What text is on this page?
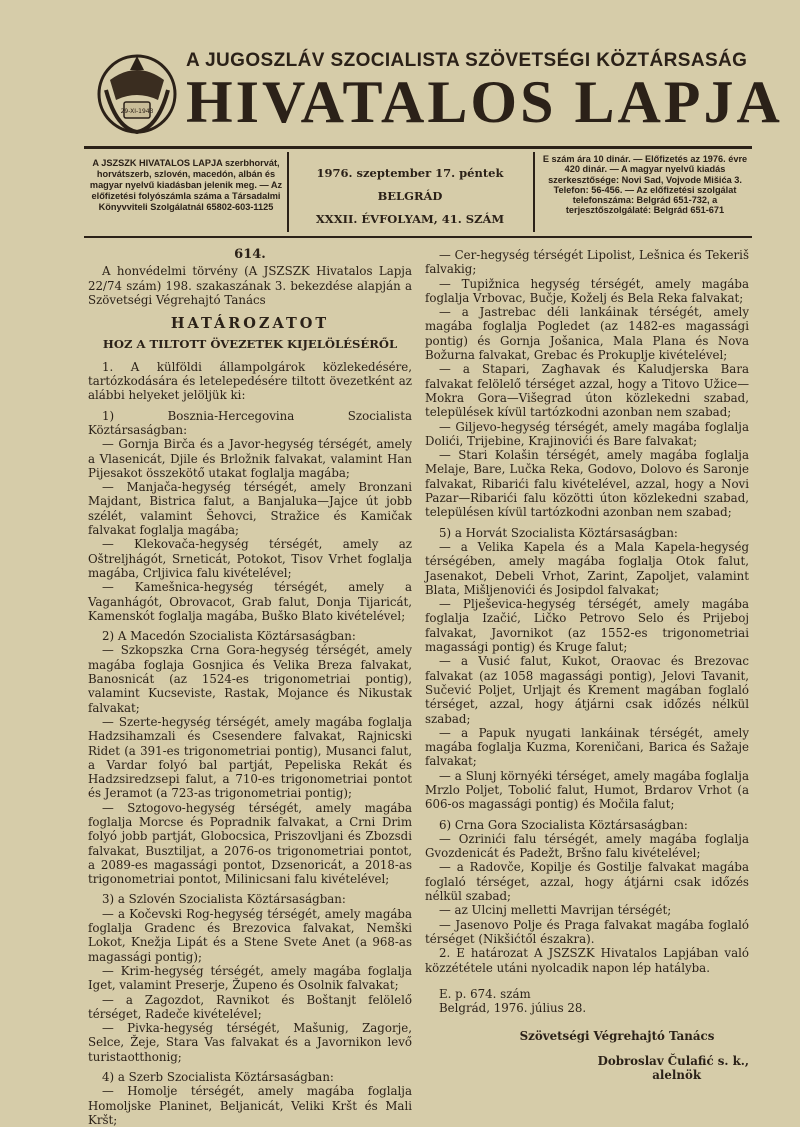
29-XI-1943
A JUGOSZLÁV SZOCIALISTA SZÖVETSÉGI KÖZTÁRSASÁG
HIVATALOS LAPJA
A JSZSZK HIVATALOS LAPJA szerbhorvát, horvátszerb, szlovén, macedón, albán és magyar nyelvű kiadásban jelenik meg. — Az előfizetési folyószámla száma a Társadalmi Könyvviteli Szolgálatnál 65802-603-1125
1976. szeptember 17. péntek
BELGRÁD
XXXII. ÉVFOLYAM, 41. SZÁM
E szám ára 10 dinár. — Előfizetés az 1976. évre 420 dinár. — A magyar nyelvű kiadás szerkesztősége: Novi Sad, Vojvode Mišića 3. Telefon: 56-456. — Az előfizetési szolgálat telefonszáma: Belgrád 651-732, a terjesztőszolgálaté: Belgrád 651-671

614.

A honvédelmi törvény (A JSZSZK Hivatalos Lapja 22/74 szám) 198. szakaszának 3. bekezdése alapján a Szövetségi Végrehajtó Tanács

HATÁROZATOT

HOZ A TILTOTT ÖVEZETEK KIJELÖLÉSÉRŐL

1. A külföldi állampolgárok közlekedésére, tartózkodására és letelepedésére tiltott övezetként az alábbi helyeket jelöljük ki:

1) Bosznia-Hercegovina Szocialista Köztársaságban:

— Gornja Birča és a Javor-hegység térségét, amely a Vlasenicát, Djile és Brložnik falvakat, valamint Han Pijesakot összekötő utakat foglalja magába;

— Manjača-hegység térségét, amely Bronzani Majdant, Bistrica falut, a Banjaluka—Jajce út jobb szélét, valamint Šehovci, Stražice és Kamičak falvakat foglalja magába;

— Klekovača-hegység térségét, amely az Oštreljhágót, Srneticát, Potokot, Tisov Vrhet foglalja magába, Crljivica falu kivételével;

— Kamešnica-hegység térségét, amely a Vaganhágót, Obrovacot, Grab falut, Donja Tijaricát, Kamenskót foglalja magába, Buško Blato kivételével;

2) A Macedón Szocialista Köztársaságban:

— Szkopszka Crna Gora-hegység térségét, amely magába foglaja Gosnjica és Velika Breza falvakat, Banosnicát (az 1524-es trigonometriai pontig), valamint Kucseviste, Rastak, Mojance és Nikustak falvakat;

— Szerte-hegység térségét, amely magába foglalja Hadzsihamzali és Csesendere falvakat, Rajnicski Ridet (a 391-es trigonometriai pontig), Musanci falut, a Vardar folyó bal partját, Pepeliska Rekát és Hadzsiredzsepi falut, a 710-es trigonometriai pontot és Jeramot (a 723-as trigonometriai pontig);

— Sztogovo-hegység térségét, amely magába foglalja Morcse és Popradnik falvakat, a Crni Drim folyó jobb partját, Globocsica, Priszovljani és Zbozsdi falvakat, Busztiljat, a 2076-os trigonometriai pontot, a 2089-es magassági pontot, Dzsenoricát, a 2018-as trigonometriai pontot, Milinicsani falu kivételével;

3) a Szlovén Szocialista Köztársaságban:

— a Kočevski Rog-hegység térségét, amely magába foglalja Gradenc és Brezovica falvakat, Nemški Lokot, Knežja Lipát és a Stene Svete Anet (a 968-as magassági pontig);

— Krim-hegység térségét, amely magába foglalja Iget, valamint Preserje, Župeno és Osolnik falvakat;

— a Zagozdot, Ravnikot és Boštanjt felölelő térséget, Radeče kivételével;

— Pivka-hegység térségét, Mašunig, Zagorje, Selce, Žeje, Stara Vas falvakat és a Javornikon levő turistaotthonig;

4) a Szerb Szocialista Köztársaságban:

— Homolje térségét, amely magába foglalja Homoljske Planinet, Beljanicát, Veliki Kršt és Mali Kršt;

— Cer-hegység térségét Lipolist, Lešnica és Tekeriš falvakig;

— Tupižnica hegység térségét, amely magába foglalja Vrbovac, Bučje, Koželj és Bela Reka falvakat;

— a Jastrebac déli lankáinak térségét, amely magába foglalja Pogledet (az 1482-es magassági pontig) és Gornja Jošanica, Mala Plana és Nova Božurna falvakat, Grebac és Prokuplje kivételével;

— a Stapari, Zagħavak és Kaludjerska Bara falvakat felölelő térséget azzal, hogy a Titovo Užice—Mokra Gora—Višegrad úton közlekedni szabad, települések kívül tartózkodni azonban nem szabad;

— Giljevo-hegység térségét, amely magába foglalja Dolići, Trijebine, Krajinovići és Bare falvakat;

— Stari Kolašin térségét, amely magába foglalja Melaje, Bare, Lučka Reka, Godovo, Dolovo és Saronje falvakat, Ribarići falu kivételével, azzal, hogy a Novi Pazar—Ribarići falu közötti úton közlekedni szabad, településen kívül tartózkodni azonban nem szabad;

5) a Horvát Szocialista Köztársaságban:

— a Velika Kapela és a Mala Kapela-hegység térségében, amely magába foglalja Otok falut, Jasenakot, Debeli Vrhot, Zarint, Zapoljet, valamint Blata, Mišljenovići és Josipdol falvakat;

— Plješevica-hegység térségét, amely magába foglalja Izačić, Ličko Petrovo Selo és Prijeboj falvakat, Javornikot (az 1552-es trigonometriai magassági pontig) és Kruge falut;

— a Vusić falut, Kukot, Oraovac és Brezovac falvakat (az 1058 magassági pontig), Jelovi Tavanit, Sučević Poljet, Urljajt és Krement magában foglaló térséget, azzal, hogy átjárni csak időzés nélkül szabad;

— a Papuk nyugati lankáinak térségét, amely magába foglalja Kuzma, Koreničani, Barica és Sažaje falvakat;

— a Slunj környéki térséget, amely magába foglalja Mrzlo Poljet, Tobolić falut, Humot, Brdarov Vrhot (a 606-os magassági pontig) és Močila falut;

6) Crna Gora Szocialista Köztársaságban:

— Ozrinići falu térségét, amely magába foglalja Gvozdenicát és Padežt, Bršno falu kivételével;

— a Radovče, Kopilje és Gostilje falvakat magába foglaló térséget, azzal, hogy átjárni csak időzés nélkül szabad;

— az Ulcinj melletti Mavrijan térségét;

— Jasenovo Polje és Praga falvakat magába foglaló térséget (Nikšićtől északra).

2. E határozat A JSZSZK Hivatalos Lapjában való közzététele utáni nyolcadik napon lép hatályba.

E. p. 674. szám

Belgrád, 1976. július 28.

Szövetségi Végrehajtó Tanács

Dobroslav Čulafić s. k.,

alelnök
